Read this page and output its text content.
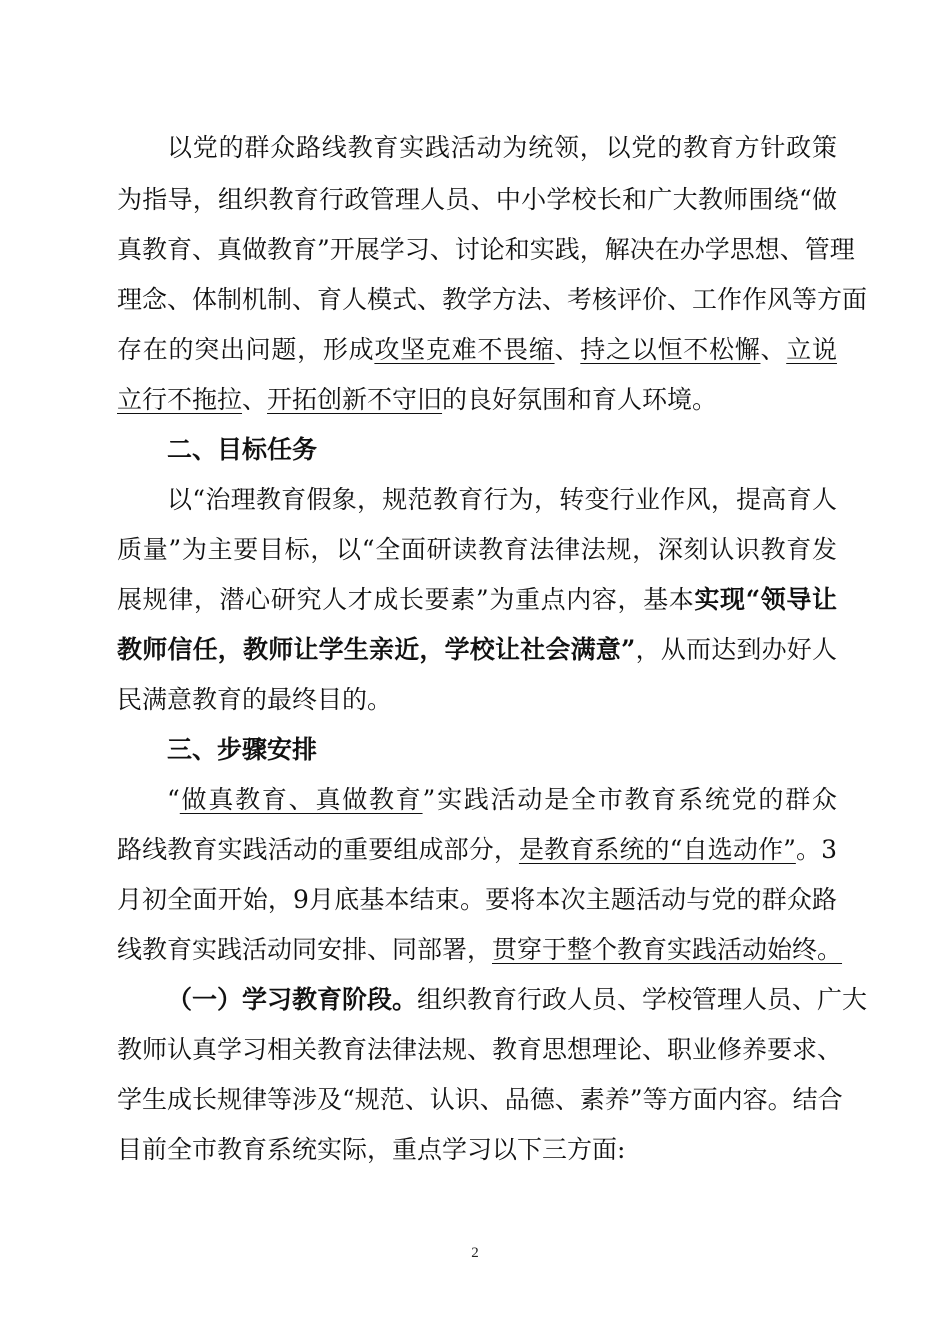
以党的群众路线教育实践活动为统领，以党的教育方针政策

为指导，组织教育行政管理人员、中小学校长和广大教师围绕“做

真教育、真做教育”开展学习、讨论和实践，解决在办学思想、管理

理念、体制机制、育人模式、教学方法、考核评价、工作作风等方面

存在的突出问题，形成攻坚克难不畏缩、持之以恒不松懈、立说

立行不拖拉、开拓创新不守旧的良好氛围和育人环境。

二、目标任务

以“治理教育假象，规范教育行为，转变行业作风，提高育人

质量”为主要目标，以“全面研读教育法律法规，深刻认识教育发

展规律，潜心研究人才成长要素”为重点内容，基本实现“领导让

教师信任，教师让学生亲近，学校让社会满意”，从而达到办好人

民满意教育的最终目的。

三、步骤安排

“做真教育、真做教育”实践活动是全市教育系统党的群众

路线教育实践活动的重要组成部分，是教育系统的“自选动作”。3

月初全面开始，9月底基本结束。要将本次主题活动与党的群众路

线教育实践活动同安排、同部署，贯穿于整个教育实践活动始终。

（一）学习教育阶段。组织教育行政人员、学校管理人员、广大

教师认真学习相关教育法律法规、教育思想理论、职业修养要求、

学生成长规律等涉及“规范、认识、品德、素养”等方面内容。结合

目前全市教育系统实际，重点学习以下三方面:

2
